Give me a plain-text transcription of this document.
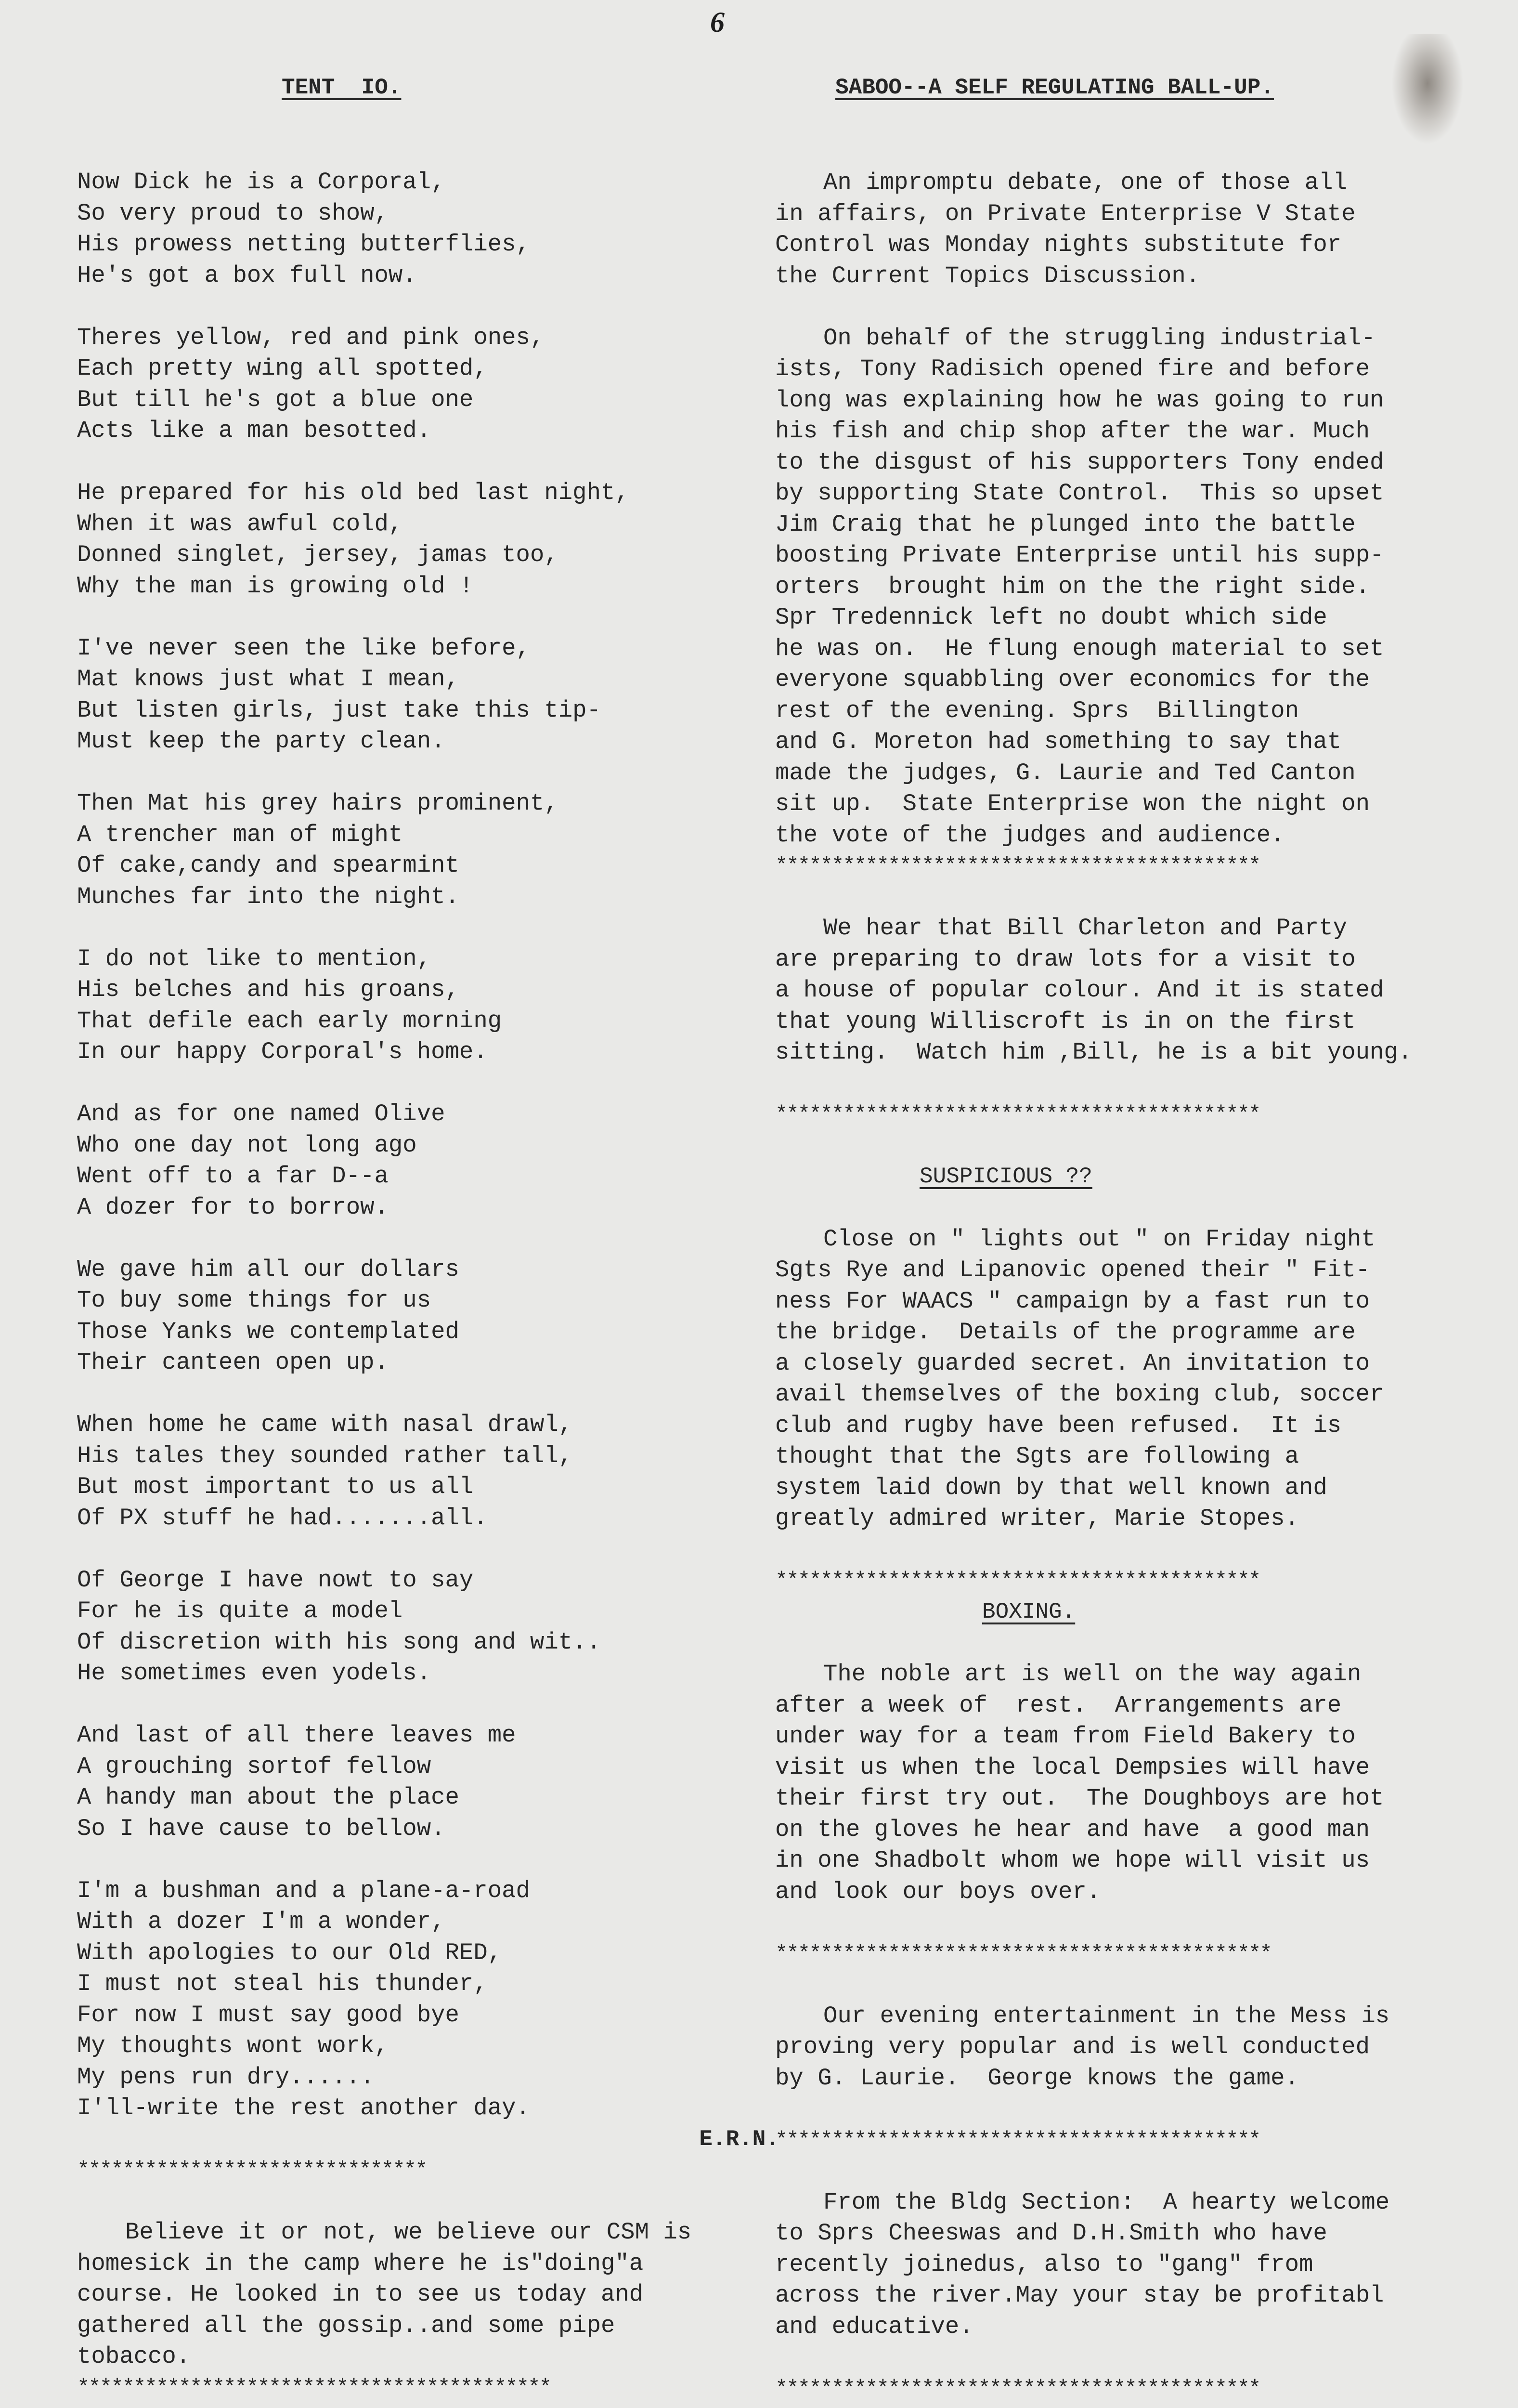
6
TENT  IO.
Now Dick he is a Corporal,
So very proud to show,
His prowess netting butterflies,
He's got a box full now.
Theres yellow, red and pink ones,
Each pretty wing all spotted,
But till he's got a blue one
Acts like a man besotted.
He prepared for his old bed last night,
When it was awful cold,
Donned singlet, jersey, jamas too,
Why the man is growing old !
I've never seen the like before,
Mat knows just what I mean,
But listen girls, just take this tip-
Must keep the party clean.
Then Mat his grey hairs prominent,
A trencher man of might
Of cake,candy and spearmint
Munches far into the night.
I do not like to mention,
His belches and his groans,
That defile each early morning
In our happy Corporal's home.
And as for one named Olive
Who one day not long ago
Went off to a far D--a
A dozer for to borrow.
We gave him all our dollars
To buy some things for us
Those Yanks we contemplated
Their canteen open up.
When home he came with nasal drawl,
His tales they sounded rather tall,
But most important to us all
Of PX stuff he had.......all.
Of George I have nowt to say
For he is quite a model
Of discretion with his song and wit..
He sometimes even yodels.
And last of all there leaves me
A grouching sortof fellow
A handy man about the place
So I have cause to bellow.
I'm a bushman and a plane-a-road
With a dozer I'm a wonder,
With apologies to our Old RED,
I must not steal his thunder,
For now I must say good bye
My thoughts wont work,
My pens run dry......
I'll-write the rest another day.
E.R.N.
*******************************
Believe it or not, we believe our CSM is
homesick in the camp where he is"doing"a
course. He looked in to see us today and
gathered all the gossip..and some pipe
tobacco.
******************************************
SABOO--A SELF REGULATING BALL-UP.
An impromptu debate, one of those all
in affairs, on Private Enterprise V State
Control was Monday nights substitute for
the Current Topics Discussion.
On behalf of the struggling industrial-
ists, Tony Radisich opened fire and before
long was explaining how he was going to run
his fish and chip shop after the war. Much
to the disgust of his supporters Tony ended
by supporting State Control.  This so upset
Jim Craig that he plunged into the battle
boosting Private Enterprise until his supp-
orters  brought him on the the right side.
Spr Tredennick left no doubt which side
he was on.  He flung enough material to set
everyone squabbling over economics for the
rest of the evening. Sprs  Billington
and G. Moreton had something to say that
made the judges, G. Laurie and Ted Canton
sit up.  State Enterprise won the night on
the vote of the judges and audience.
*******************************************
We hear that Bill Charleton and Party
are preparing to draw lots for a visit to
a house of popular colour. And it is stated
that young Williscroft is in on the first
sitting.  Watch him ,Bill, he is a bit young.
*******************************************
SUSPICIOUS ??
Close on " lights out " on Friday night
Sgts Rye and Lipanovic opened their " Fit-
ness For WAACS " campaign by a fast run to
the bridge.  Details of the programme are
a closely guarded secret. An invitation to
avail themselves of the boxing club, soccer
club and rugby have been refused.  It is
thought that the Sgts are following a
system laid down by that well known and
greatly admired writer, Marie Stopes.
*******************************************
BOXING.
The noble art is well on the way again
after a week of  rest.  Arrangements are
under way for a team from Field Bakery to
visit us when the local Dempsies will have
their first try out.  The Doughboys are hot
on the gloves he hear and have  a good man
in one Shadbolt whom we hope will visit us
and look our boys over.
********************************************
Our evening entertainment in the Mess is
proving very popular and is well conducted
by G. Laurie.  George knows the game.
*******************************************
From the Bldg Section:  A hearty welcome
to Sprs Cheeswas and D.H.Smith who have
recently joinedus, also to "gang" from
across the river.May your stay be profitabl
and educative.
*******************************************
